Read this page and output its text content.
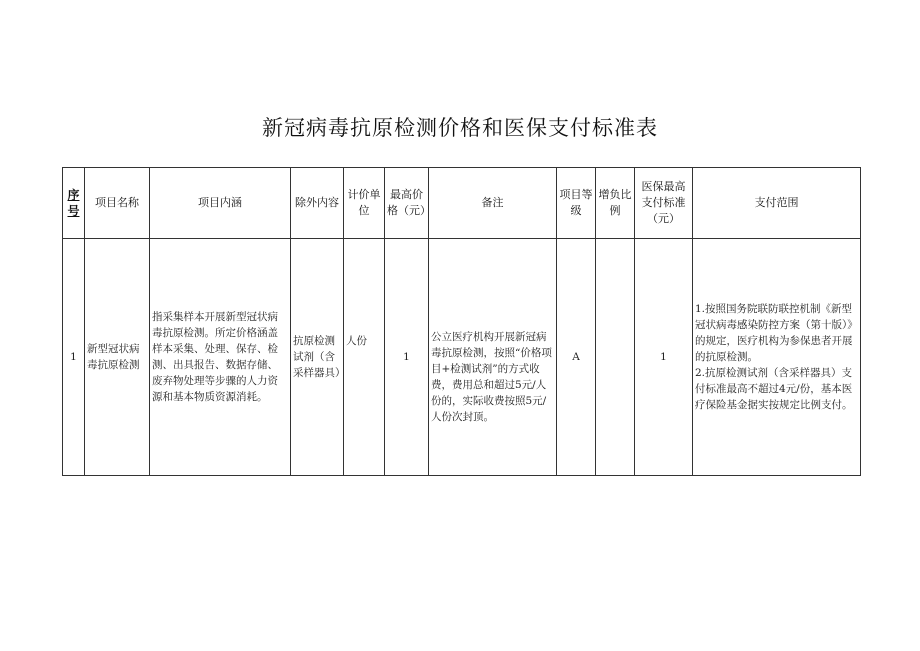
新冠病毒抗原检测价格和医保支付标准表
序号	项目名称	项目内涵	除外内容	计价单位	最高价格（元）	备注	项目等级	增负比例	医保最高支付标准（元）	支付范围
1	新型冠状病毒抗原检测	指采集样本开展新型冠状病毒抗原检测。所定价格涵盖样本采集、处理、保存、检测、出具报告、数据存储、废弃物处理等步骤的人力资源和基本物质资源消耗。	抗原检测试剂（含采样器具）	人份	1	公立医疗机构开展新冠病毒抗原检测，按照“价格项目+检测试剂”的方式收费，费用总和超过5元/人份的，实际收费按照5元/人份次封顶。	A		1	1.按照国务院联防联控机制《新型冠状病毒感染防控方案（第十版）》的规定，医疗机构为参保患者开展的抗原检测。
2.抗原检测试剂（含采样器具）支付标准最高不超过4元/份，基本医疗保险基金据实按规定比例支付。
